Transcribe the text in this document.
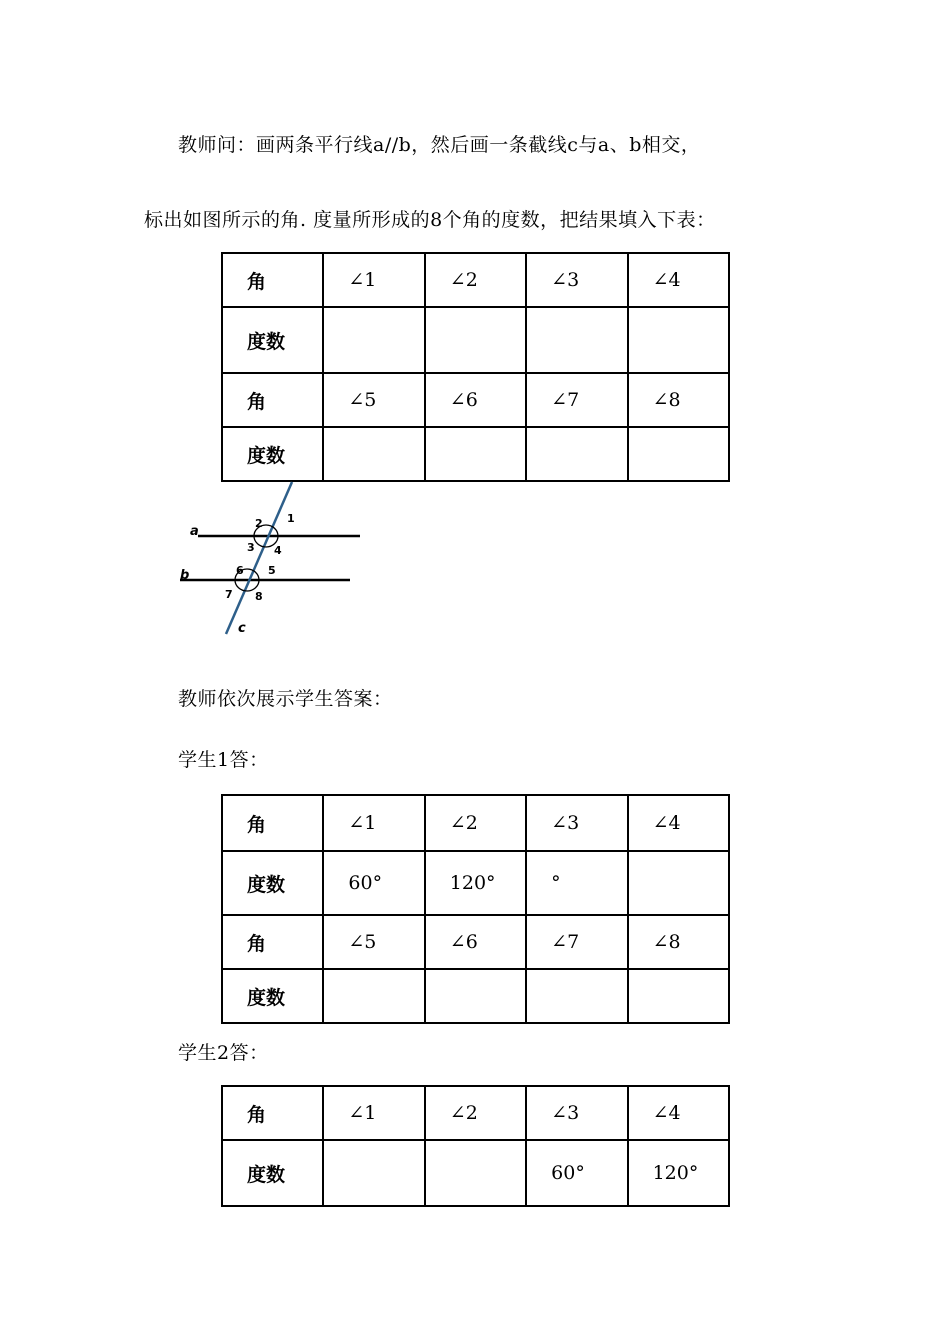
教师问：画两条平行线a//b，然后画一条截线c与a、b相交，

标出如图所示的角. 度量所形成的8个角的度数，把结果填入下表：

角	∠1	∠2	∠3	∠4
度数				
角	∠5	∠6	∠7	∠8
度数				
a
b
c
1
2
3 4
5
6
7 8

教师依次展示学生答案：

学生1答：

角	∠1	∠2	∠3	∠4
度数	60°	120°	°	
角	∠5	∠6	∠7	∠8
度数				

学生2答：

角	∠1	∠2	∠3	∠4
度数			60°	120°
